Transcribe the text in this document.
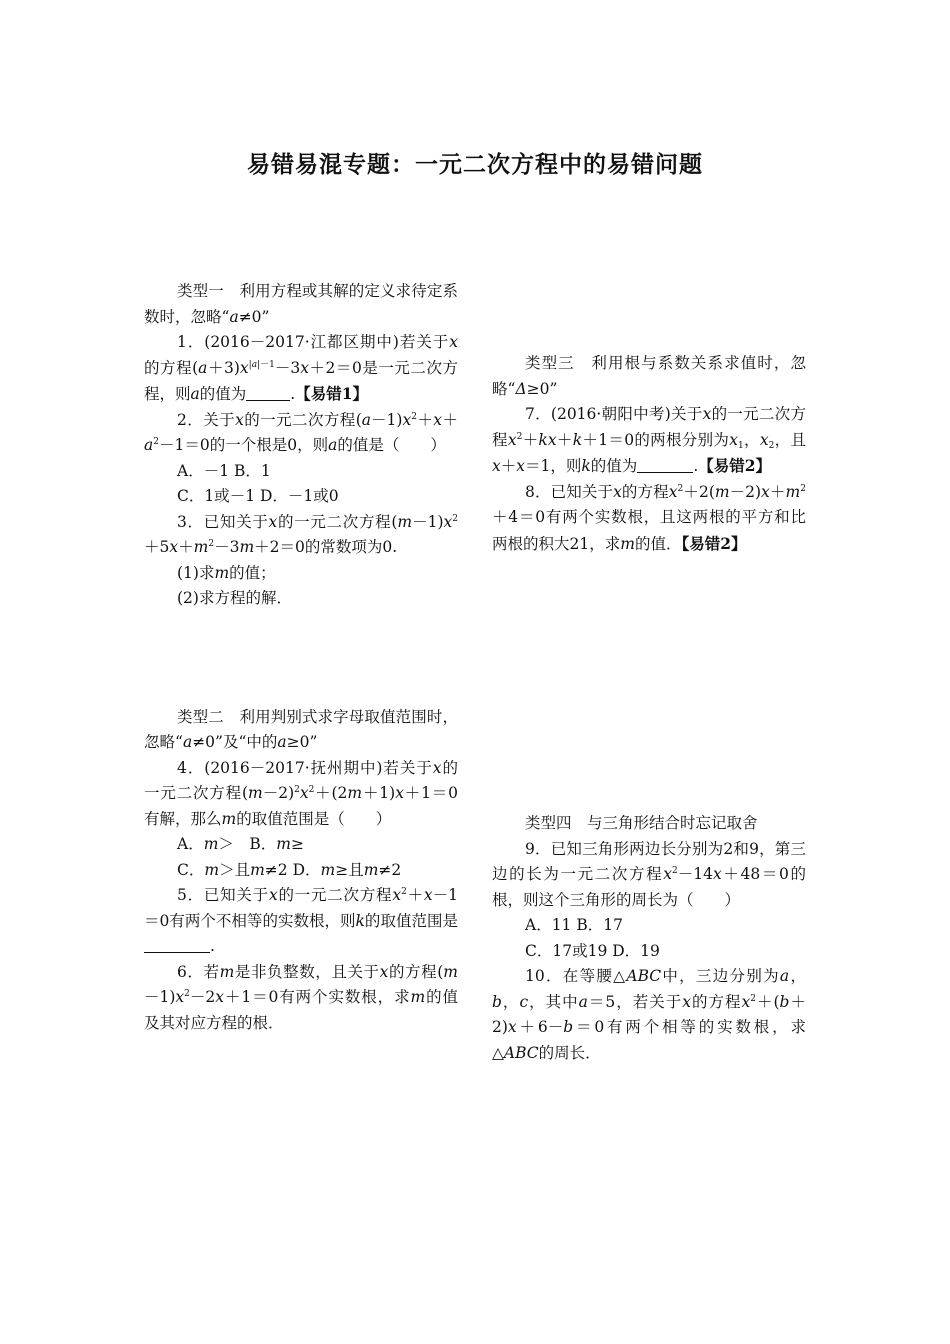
易错易混专题：一元二次方程中的易错问题

类型一　利用方程或其解的定义求待定系数时，忽略“a≠0”

1．(2016－2017·江都区期中)若关于x的方程$(a+3)x^{|a|-1}-3x+2=0$是一元二次方程，则a的值为	.【易错1】

2．关于x的一元二次方程$(a-1)x^2+x+a^2-1=0$的一个根是0，则a的值是（　　）

A．－1 B．1

C．1或－1 D．－1或0

3．已知关于x的一元二次方程$(m-1)x^2+5x+m^2-3m+2=0$的常数项为0.

(1)求m的值；

(2)求方程的解．

类型二　利用判别式求字母取值范围时，忽略“a≠0”及“中的a≥0”

4．(2016－2017·抚州期中)若关于x的一元二次方程$(m-2)^2x^2+(2m+1)x+1=0$有解，那么m的取值范围是（　　）

A．m＞　B．m≥

C．m＞且m≠2 D．m≥且m≠2

5．已知关于x的一元二次方程$x^2+x-1=0$有两个不相等的实数根，则k的取值范围是.

6．若m是非负整数，且关于x的方程$(m-1)x^2-2x+1=0$有两个实数根，求m的值及其对应方程的根．

类型三　利用根与系数关系求值时，忽略“Δ≥0”

7．(2016·朝阳中考)关于x的一元二次方程$x^2+kx+k+1=0$的两根分别为$x_1$，$x_2$，且x＋x＝1，则k的值为	.【易错2】

8．已知关于x的方程$x^2+2(m-2)x+m^2+4=0$有两个实数根，且这两根的平方和比两根的积大21，求m的值．【易错2】

类型四　与三角形结合时忘记取舍

9．已知三角形两边长分别为2和9，第三边的长为一元二次方程$x^2-14x+48=0$的根，则这个三角形的周长为（　　）

A．11 B．17

C．17或19 D．19

10．在等腰△ABC中，三边分别为a，b，c，其中a＝5，若关于x的方程$x^2+(b+2)x+6-b=0$有两个相等的实数根，求△ABC的周长．
